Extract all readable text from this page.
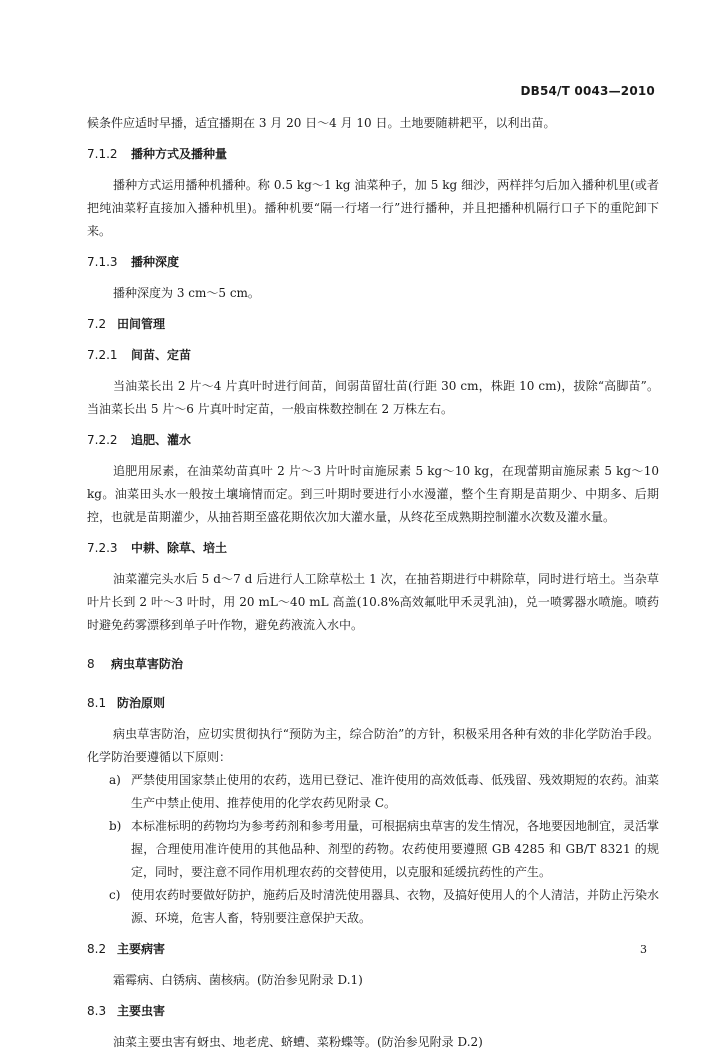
DB54/T 0043—2010

候条件应适时早播，适宜播期在 3 月 20 日～4 月 10 日。土地要随耕耙平，以利出苗。

7.1.2 播种方式及播种量

播种方式运用播种机播种。称 0.5 kg～1 kg 油菜种子，加 5 kg 细沙，两样拌匀后加入播种机里(或者把纯油菜籽直接加入播种机里)。播种机要“隔一行堵一行”进行播种，并且把播种机隔行口子下的重陀卸下来。

7.1.3 播种深度

播种深度为 3 cm～5 cm。

7.2 田间管理

7.2.1 间苗、定苗

当油菜长出 2 片～4 片真叶时进行间苗，间弱苗留壮苗(行距 30 cm，株距 10 cm)，拔除“高脚苗”。当油菜长出 5 片～6 片真叶时定苗，一般亩株数控制在 2 万株左右。

7.2.2 追肥、灌水

追肥用尿素，在油菜幼苗真叶 2 片～3 片叶时亩施尿素 5 kg～10 kg，在现蕾期亩施尿素 5 kg～10 kg。油菜田头水一般按土壤墒情而定。到三叶期时要进行小水漫灌，整个生育期是苗期少、中期多、后期控，也就是苗期灌少，从抽苔期至盛花期依次加大灌水量，从终花至成熟期控制灌水次数及灌水量。

7.2.3 中耕、除草、培土

油菜灌完头水后 5 d～7 d 后进行人工除草松土 1 次，在抽苔期进行中耕除草，同时进行培土。当杂草叶片长到 2 叶～3 叶时，用 20 mL～40 mL 高盖(10.8%高效氟吡甲禾灵乳油)，兑一喷雾器水喷施。喷药时避免药雾漂移到单子叶作物，避免药液流入水中。

8 病虫草害防治

8.1 防治原则

病虫草害防治，应切实贯彻执行“预防为主，综合防治”的方针，积极采用各种有效的非化学防治手段。化学防治要遵循以下原则：

a) 严禁使用国家禁止使用的农药，选用已登记、准许使用的高效低毒、低残留、残效期短的农药。油菜生产中禁止使用、推荐使用的化学农药见附录 C。

b) 本标准标明的药物均为参考药剂和参考用量，可根据病虫草害的发生情况，各地要因地制宜，灵活掌握，合理使用准许使用的其他品种、剂型的药物。农药使用要遵照 GB 4285 和 GB/T 8321 的规定，同时，要注意不同作用机理农药的交替使用，以克服和延缓抗药性的产生。

c) 使用农药时要做好防护，施药后及时清洗使用器具、衣物，及搞好使用人的个人清洁，并防止污染水源、环境，危害人畜，特别要注意保护天敌。

8.2 主要病害

霜霉病、白锈病、菌核病。(防治参见附录 D.1)

8.3 主要虫害

油菜主要虫害有蚜虫、地老虎、蛴螬、菜粉蝶等。(防治参见附录 D.2)

3
